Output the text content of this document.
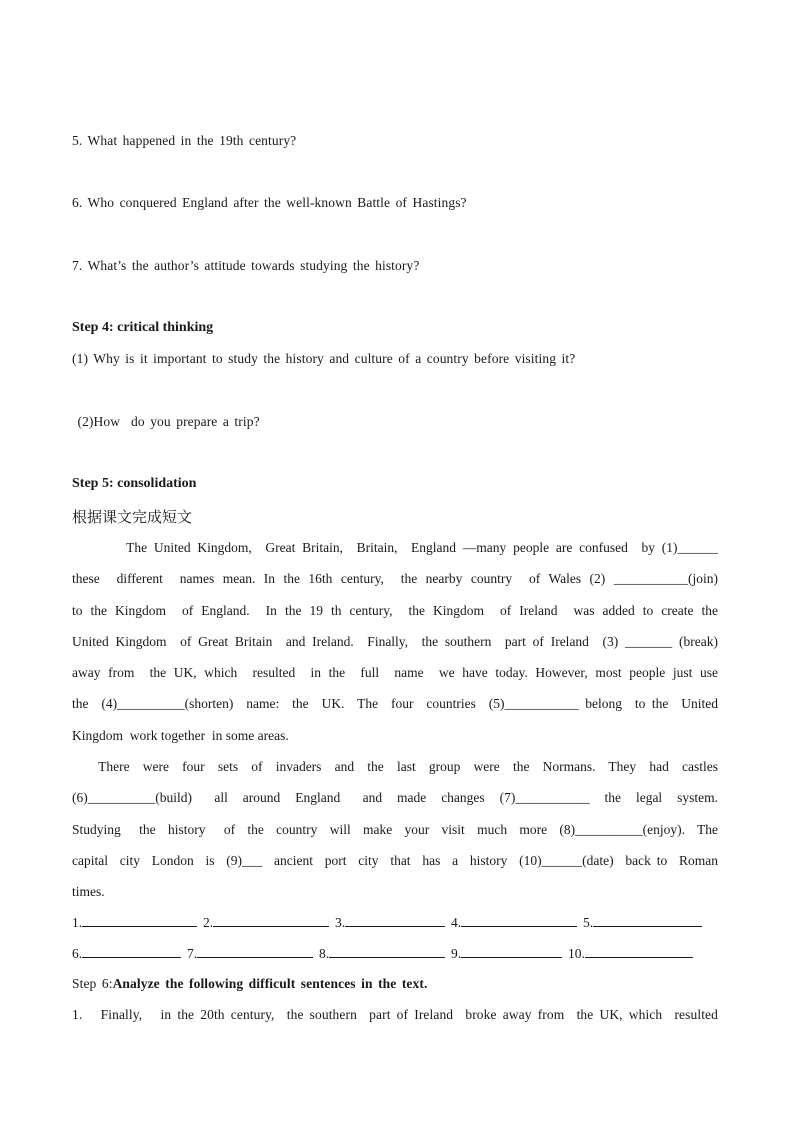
5. What happened in the 19th century?
6. Who conquered England after the well-known Battle of Hastings?
7. What’s the author’s attitude towards studying the history?
Step 4: critical thinking
(1) Why is it important to study the history and culture of a country before visiting it?
(2)How  do you prepare a trip?
Step 5: consolidation
根据课文完成短文
The United Kingdom,  Great Britain,  Britain,  England —many people are confused  by (1)______
these  different  names mean. In the 16th century,  the nearby country  of Wales (2) ___________(join)
to the Kingdom  of England.  In the 19 th century,  the Kingdom  of Ireland  was added to create the
United Kingdom  of Great Britain  and Ireland.  Finally,  the southern  part of Ireland  (3) _______ (break)
away from  the UK, which  resulted  in the  full  name  we have today. However, most people just use
the  (4)__________(shorten)  name:  the  UK.  The  four  countries  (5)___________ belong  to the  United
Kingdom  work together  in some areas.
There  were  four  sets  of  invaders  and  the  last  group  were  the  Normans.  They  had  castles
(6)__________(build)   all  around  England   and  made  changes  (7)___________  the  legal  system.
Studying   the  history   of  the  country  will  make  your  visit  much  more  (8)__________(enjoy).  The
capital  city  London  is  (9)___  ancient  port  city  that  has  a  history  (10)______(date)  back to  Roman
times.
1.	2.	3.	4.	5.
6.	7.	8.	9.	10.
Step 6:Analyze the following difficult sentences in the text.
1.   Finally,   in the 20th century,  the southern  part of Ireland  broke away from  the UK, which  resulted
